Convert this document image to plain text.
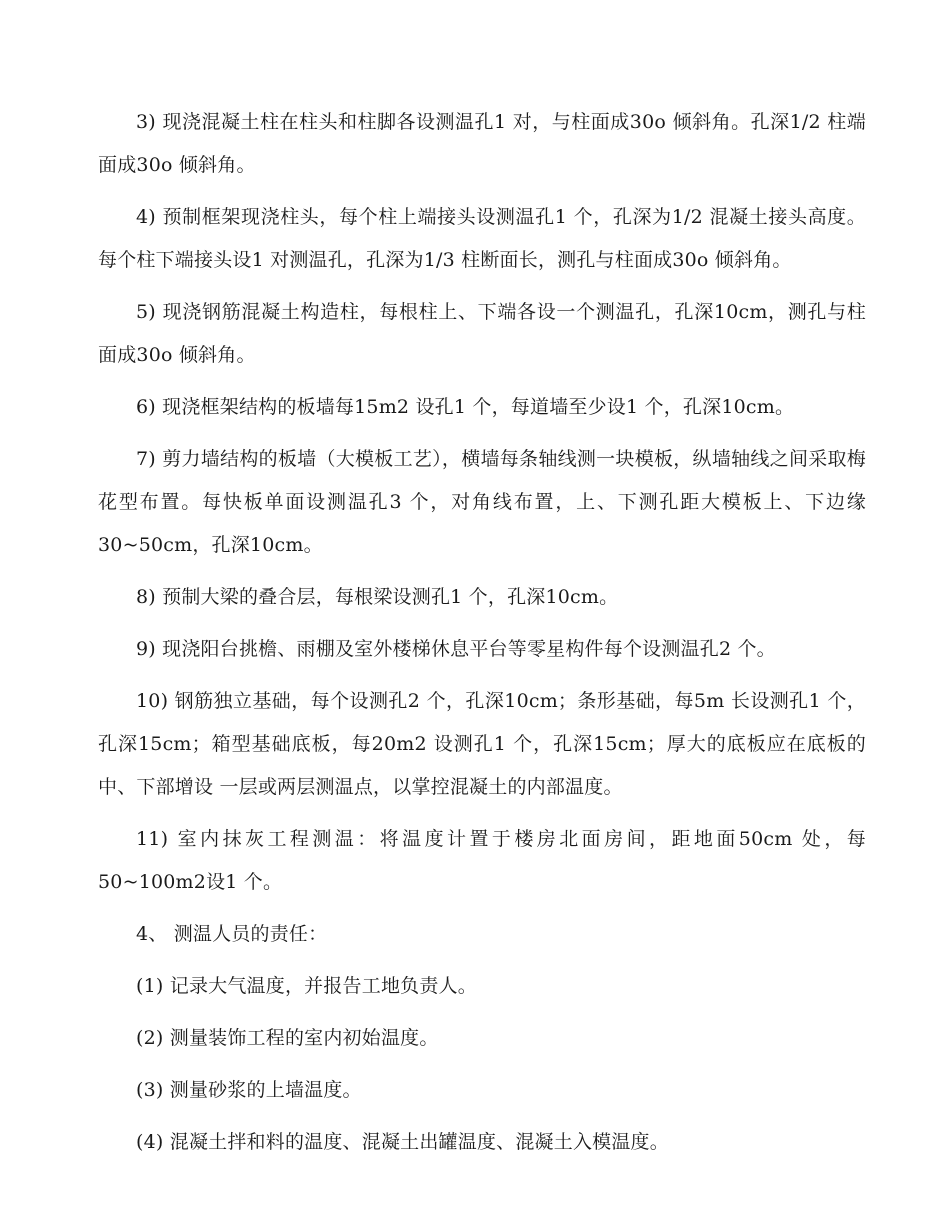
3) 现浇混凝土柱在柱头和柱脚各设测温孔1 对，与柱面成30o 倾斜角。孔深1/2 柱端面成30o 倾斜角。

4) 预制框架现浇柱头，每个柱上端接头设测温孔1 个，孔深为1/2 混凝土接头高度。每个柱下端接头设1 对测温孔，孔深为1/3 柱断面长，测孔与柱面成30o 倾斜角。

5) 现浇钢筋混凝土构造柱，每根柱上、下端各设一个测温孔，孔深10cm，测孔与柱面成30o 倾斜角。

6) 现浇框架结构的板墙每15m2 设孔1 个，每道墙至少设1 个，孔深10cm。

7) 剪力墙结构的板墙（大模板工艺），横墙每条轴线测一块模板，纵墙轴线之间采取梅花型布置。每快板单面设测温孔3 个，对角线布置，上、下测孔距大模板上、下边缘30~50cm，孔深10cm。

8) 预制大梁的叠合层，每根梁设测孔1 个，孔深10cm。

9) 现浇阳台挑檐、雨棚及室外楼梯休息平台等零星构件每个设测温孔2 个。

10) 钢筋独立基础，每个设测孔2 个，孔深10cm；条形基础，每5m 长设测孔1 个，孔深15cm；箱型基础底板，每20m2 设测孔1 个，孔深15cm；厚大的底板应在底板的中、下部增设 一层或两层测温点，以掌控混凝土的内部温度。

11) 室内抹灰工程测温：将温度计置于楼房北面房间，距地面50cm 处，每50~100m2设1 个。

4、 测温人员的责任：

(1) 记录大气温度，并报告工地负责人。

(2) 测量装饰工程的室内初始温度。

(3) 测量砂浆的上墙温度。

(4) 混凝土拌和料的温度、混凝土出罐温度、混凝土入模温度。
